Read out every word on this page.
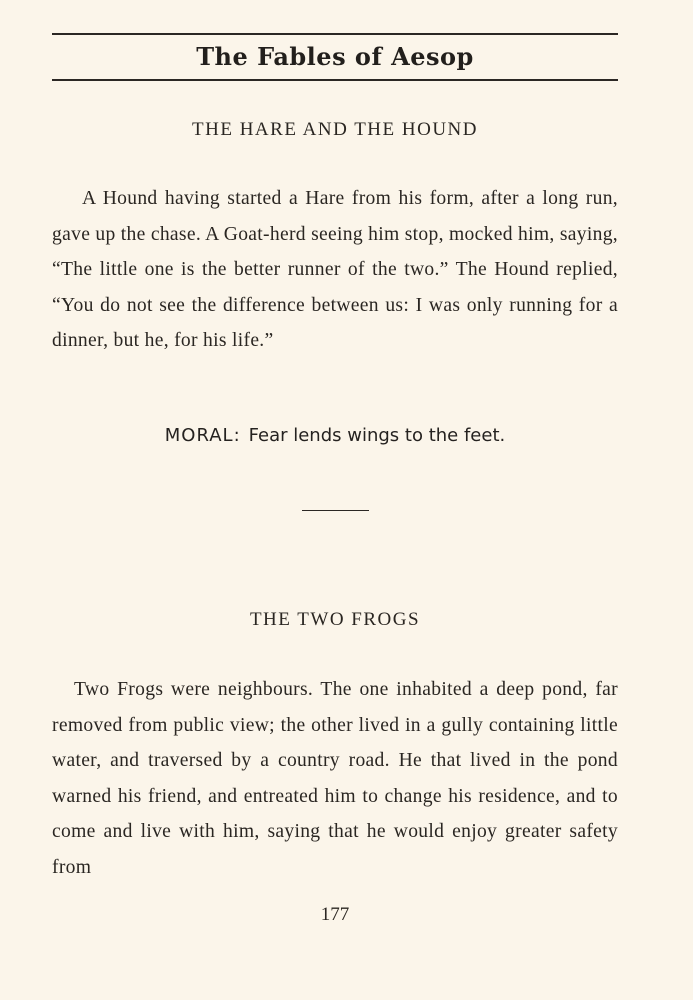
The Fables of Aesop
THE HARE AND THE HOUND

A Hound having started a Hare from his form, after a long run, gave up the chase. A Goat-herd seeing him stop, mocked him, saying, “The little one is the better runner of the two.” The Hound replied, “You do not see the difference between us: I was only running for a dinner, but he, for his life.”

MORAL: Fear lends wings to the feet.

THE TWO FROGS

Two Frogs were neighbours. The one inhabited a deep pond, far removed from public view; the other lived in a gully containing little water, and traversed by a country road. He that lived in the pond warned his friend, and entreated him to change his residence, and to come and live with him, saying that he would enjoy greater safety from

177
